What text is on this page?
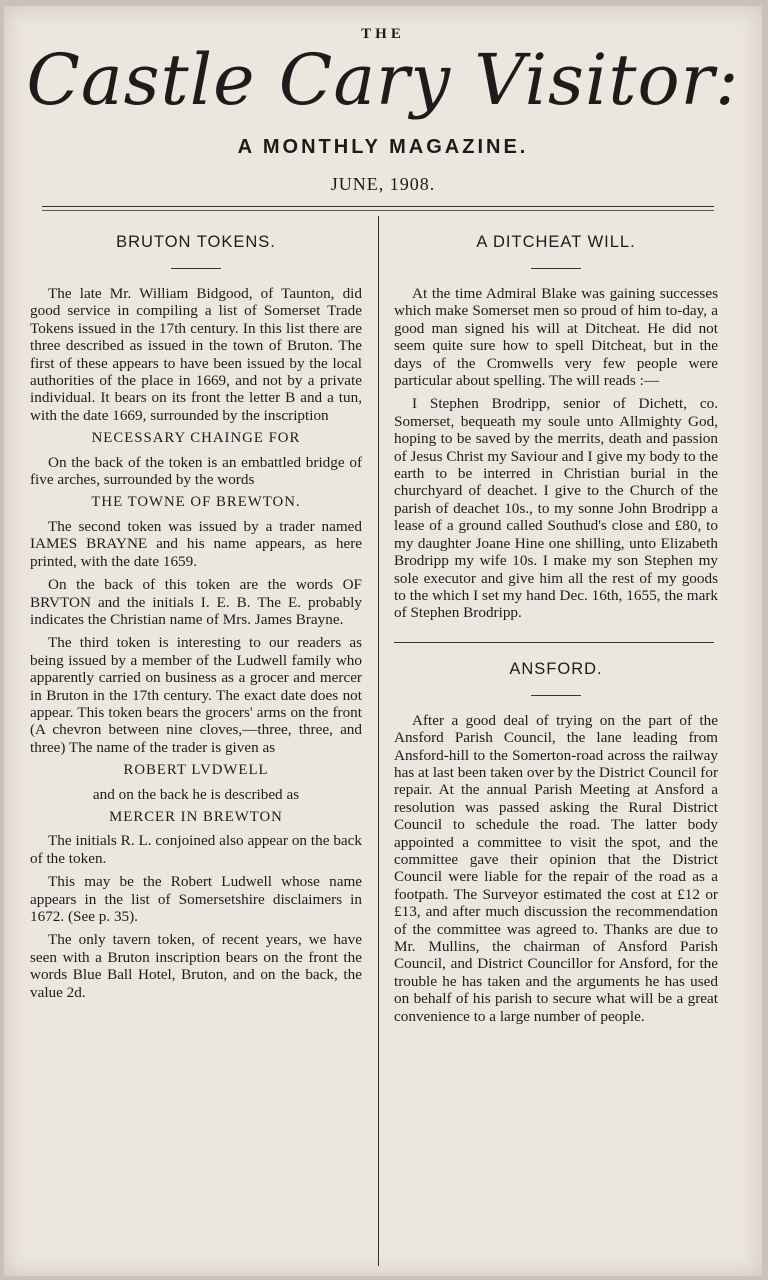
THE
Castle Cary Visitor:
A MONTHLY MAGAZINE.
JUNE, 1908.
BRUTON TOKENS.

The late Mr. William Bidgood, of Taunton, did good service in compiling a list of Somerset Trade Tokens issued in the 17th century. In this list there are three described as issued in the town of Bruton. The first of these appears to have been issued by the local authorities of the place in 1669, and not by a private individual. It bears on its front the letter B and a tun, with the date 1669, surrounded by the inscription

NECESSARY CHAINGE FOR

On the back of the token is an embattled bridge of five arches, surrounded by the words

THE TOWNE OF BREWTON.

The second token was issued by a trader named IAMES BRAYNE and his name appears, as here printed, with the date 1659.

On the back of this token are the words OF BRVTON and the initials I. E. B. The E. probably indicates the Christian name of Mrs. James Brayne.

The third token is interesting to our readers as being issued by a member of the Ludwell family who apparently carried on business as a grocer and mercer in Bruton in the 17th century. The exact date does not appear. This token bears the grocers' arms on the front (A chevron between nine cloves,—three, three, and three) The name of the trader is given as

ROBERT LVDWELL

and on the back he is described as

MERCER IN BREWTON

The initials R. L. conjoined also appear on the back of the token.

This may be the Robert Ludwell whose name appears in the list of Somersetshire disclaimers in 1672. (See p. 35).

The only tavern token, of recent years, we have seen with a Bruton inscription bears on the front the words Blue Ball Hotel, Bruton, and on the back, the value 2d.

A DITCHEAT WILL.

At the time Admiral Blake was gaining successes which make Somerset men so proud of him to-day, a good man signed his will at Ditcheat. He did not seem quite sure how to spell Ditcheat, but in the days of the Cromwells very few people were particular about spelling. The will reads :—

I Stephen Brodripp, senior of Dichett, co. Somerset, bequeath my soule unto Allmighty God, hoping to be saved by the merrits, death and passion of Jesus Christ my Saviour and I give my body to the earth to be interred in Christian burial in the churchyard of deachet. I give to the Church of the parish of deachet 10s., to my sonne John Brodripp a lease of a ground called Southud's close and £80, to my daughter Joane Hine one shilling, unto Elizabeth Brodripp my wife 10s. I make my son Stephen my sole executor and give him all the rest of my goods to the which I set my hand Dec. 16th, 1655, the mark of Stephen Brodripp.

ANSFORD.

After a good deal of trying on the part of the Ansford Parish Council, the lane leading from Ansford-hill to the Somerton-road across the railway has at last been taken over by the District Council for repair. At the annual Parish Meeting at Ansford a resolution was passed asking the Rural District Council to schedule the road. The latter body appointed a committee to visit the spot, and the committee gave their opinion that the District Council were liable for the repair of the road as a footpath. The Surveyor estimated the cost at £12 or £13, and after much discussion the recommendation of the committee was agreed to. Thanks are due to Mr. Mullins, the chairman of Ansford Parish Council, and District Councillor for Ansford, for the trouble he has taken and the arguments he has used on behalf of his parish to secure what will be a great convenience to a large number of people.
